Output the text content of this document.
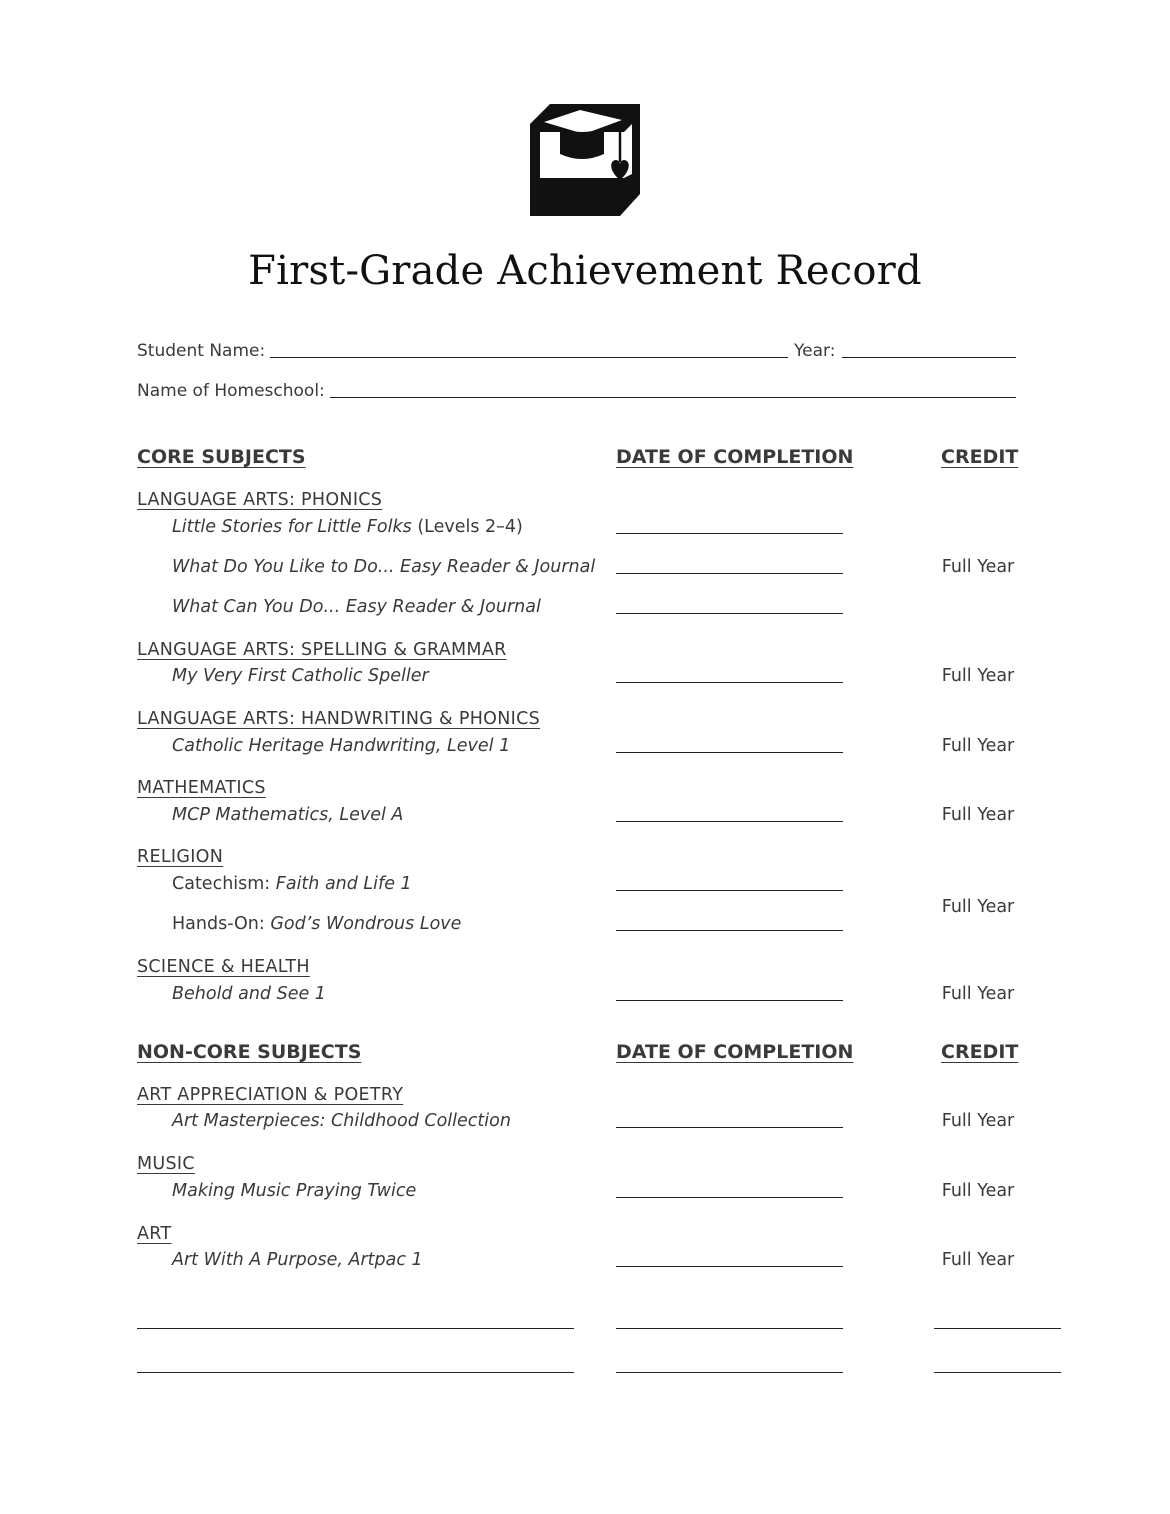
First-Grade Achievement Record
Student Name:	Year:
Name of Homeschool:
CORE SUBJECTS	DATE OF COMPLETION	CREDIT
LANGUAGE ARTS: PHONICS
Little Stories for Little Folks (Levels 2–4)
What Do You Like to Do... Easy Reader & Journal	Full Year
What Can You Do... Easy Reader & Journal
LANGUAGE ARTS: SPELLING & GRAMMAR
My Very First Catholic Speller	Full Year
LANGUAGE ARTS: HANDWRITING & PHONICS
Catholic Heritage Handwriting, Level 1	Full Year
MATHEMATICS
MCP Mathematics, Level A	Full Year
RELIGION
Catechism: Faith and Life 1
Hands-On: God’s Wondrous Love
Full Year
SCIENCE & HEALTH
Behold and See 1	Full Year
NON-CORE SUBJECTS	DATE OF COMPLETION	CREDIT
ART APPRECIATION & POETRY
Art Masterpieces: Childhood Collection	Full Year
MUSIC
Making Music Praying Twice	Full Year
ART
Art With A Purpose, Artpac 1	Full Year
